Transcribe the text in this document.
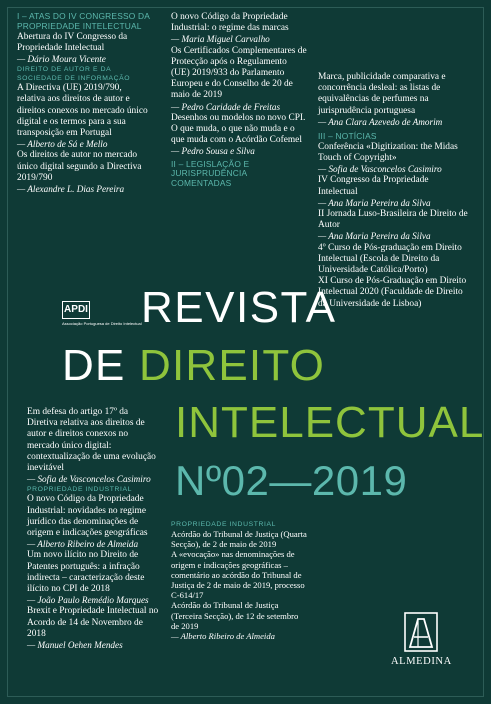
I – ATAS DO IV CONGRESSO DA PROPRIEDADE INTELECTUAL
Abertura do IV Congresso da Propriedade Intelectual
— Dário Moura Vicente
DIREITO DE AUTOR E DA SOCIEDADE DE INFORMAÇÃO
A Directiva (UE) 2019/790, relativa aos direitos de autor e direitos conexos no mercado único digital e os termos para a sua transposição em Portugal
— Alberto de Sá e Mello
Os direitos de autor no mercado único digital segundo a Directiva 2019/790
— Alexandre L. Dias Pereira
O novo Código da Propriedade Industrial: o regime das marcas
— Maria Miguel Carvalho
Os Certificados Complementares de Protecção após o Regulamento (UE) 2019/933 do Parlamento Europeu e do Conselho de 20 de maio de 2019
— Pedro Caridade de Freitas
Desenhos ou modelos no novo CPI. O que muda, o que não muda e o que muda com o Acórdão Cofemel
— Pedro Sousa e Silva
II – LEGISLAÇÃO E JURISPRUDÊNCIA COMENTADAS
Marca, publicidade comparativa e concorrência desleal: as listas de equivalências de perfumes na jurisprudência portuguesa
— Ana Clara Azevedo de Amorim
III – NOTÍCIAS
Conferência «Digitization: the Midas Touch of Copyright»
— Sofia de Vasconcelos Casimiro
IV Congresso da Propriedade Intelectual
— Ana Maria Pereira da Silva
II Jornada Luso-Brasileira de Direito de Autor
— Ana Maria Pereira da Silva
4º Curso de Pós-graduação em Direito Intelectual (Escola de Direito da Universidade Católica/Porto)
XI Curso de Pós-Graduação em Direito Intelectual 2020 (Faculdade de Direito da Universidade de Lisboa)
APDI
Associação Portuguesa de Direito Intelectual REVISTA
DE DIREITO
INTELECTUAL
Nº02—2019
Em defesa do artigo 17º da Diretiva relativa aos direitos de autor e direitos conexos no mercado único digital: contextualização de uma evolução inevitável
— Sofia de Vasconcelos Casimiro
PROPRIEDADE INDUSTRIAL
O novo Código da Propriedade Industrial: novidades no regime jurídico das denominações de origem e indicações geográficas
— Alberto Ribeiro de Almeida
Um novo ilícito no Direito de Patentes português: a infração indirecta – caracterização deste ilícito no CPI de 2018
— João Paulo Remédio Marques
Brexit e Propriedade Intelectual no Acordo de 14 de Novembro de 2018
— Manuel Oehen Mendes
PROPRIEDADE INDUSTRIAL
Acórdão do Tribunal de Justiça (Quarta Secção), de 2 de maio de 2019
A «evocação» nas denominações de origem e indicações geográficas – comentário ao acórdão do Tribunal de Justiça de 2 de maio de 2019, processo C-614/17
Acórdão do Tribunal de Justiça (Terceira Secção), de 12 de setembro de 2019
— Alberto Ribeiro de Almeida
ALMEDINA
